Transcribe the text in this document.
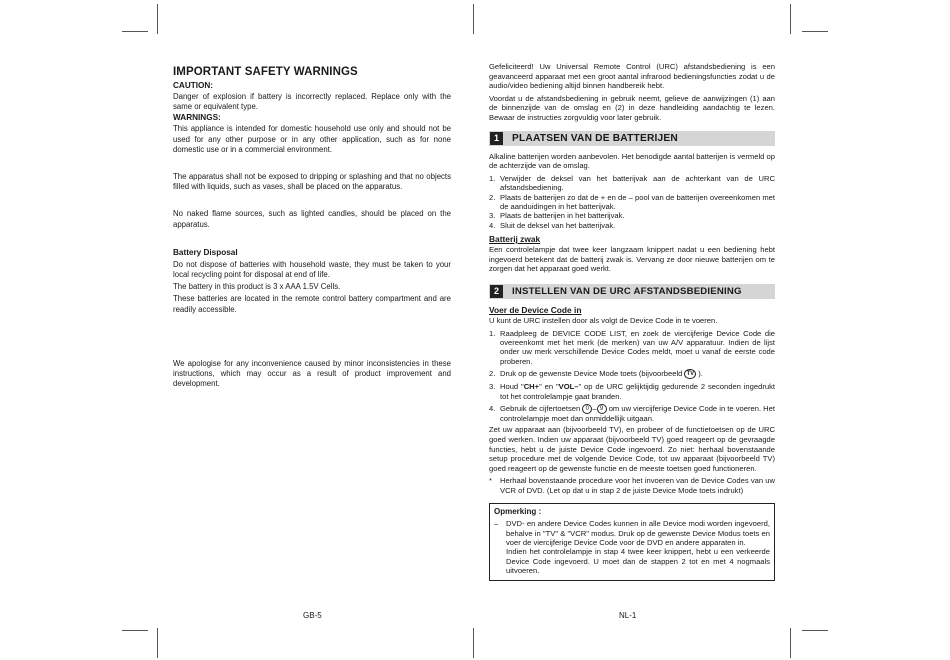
IMPORTANT SAFETY WARNINGS
CAUTION:

Danger of explosion if battery is incorrectly replaced. Replace only with the same or equivalent type.

WARNINGS:

This appliance is intended for domestic household use only and should not be used for any other purpose or in any other application, such as for none domestic use or in a commercial environment.

The apparatus shall not be exposed to dripping or splashing and that no objects filled with liquids, such as vases, shall be placed on the apparatus.

No naked flame sources, such as lighted candles, should be placed on the apparatus.

Battery Disposal

Do not dispose of batteries with household waste, they must be taken to your local recycling point for disposal at end of life.

The battery in this product is 3 x AAA 1.5V Cells.

These batteries are located in the remote control battery compartment and are readily accessible.

We apologise for any inconvenience caused by minor inconsistencies in these instructions, which may occur as a result of product improvement and development.

GB-5

Gefeliciteerd! Uw Universal Remote Control (URC) afstandsbediening is een geavanceerd apparaat met een groot aantal infrarood bedieningsfuncties zodat u de audio/video bediening altijd binnen handbereik hebt.

Voordat u de afstandsbediening in gebruik neemt, gelieve de aanwijzingen (1) aan de binnenzijde van de omslag en (2) in deze handleiding aandachtig te lezen. Bewaar de instructies zorgvuldig voor later gebruik.

1	PLAATSEN VAN DE BATTERIJEN

Alkaline batterijen worden aanbevolen. Het benodigde aantal batterijen is vermeld op de achterzijde van de omslag.

1. Verwijder de deksel van het batterijvak aan de achterkant van de URC afstandsbediening.
2. Plaats de batterijen zo dat de + en de – pool van de batterijen overeenkomen met de aanduidingen in het batterijvak.
3. Plaats de batterijen in het batterijvak.
4. Sluit de deksel van het batterijvak.
Batterij zwak

Een controlelampje dat twee keer langzaam knippert nadat u een bediening hebt ingevoerd betekent dat de batterij zwak is. Vervang ze door nieuwe batterijen om te zorgen dat het apparaat goed werkt.

2	INSTELLEN VAN DE URC AFSTANDSBEDIENING
Voer de Device Code in

U kunt de URC instellen door als volgt de Device Code in te voeren.

1. Raadpleeg de DEVICE CODE LIST, en zoek de viercijferige Device Code die overeenkomt met het merk (de merken) van uw A/V apparatuur. Indien de lijst onder uw merk verschillende Device Codes meldt, moet u vanaf de eerste code proberen.
2. Druk op de gewenste Device Mode toets (bijvoorbeeld TV ).
3. Houd "CH+" en "VOL–" op de URC gelijktijdig gedurende 2 seconden ingedrukt tot het controlelampje gaat branden.
4. Gebruik de cijfertoetsen 0 – 9 om uw viercijferige Device Code in te voeren. Het controlelampje moet dan onmiddellijk uitgaan.

Zet uw apparaat aan (bijvoorbeeld TV), en probeer of de functietoetsen op de URC goed werken. Indien uw apparaat (bijvoorbeeld TV) goed reageert op de gevraagde functies, hebt u de juiste Device Code ingevoerd. Zo niet: herhaal bovenstaande setup procedure met de volgende Device Code, tot uw apparaat (bijvoorbeeld TV) goed reageert op de gewenste functie en de meeste toetsen goed functioneren.

*	Herhaal bovenstaande procedure voor het invoeren van de Device Codes van uw VCR of DVD. (Let op dat u in stap 2 de juiste Device Mode toets indrukt)
Opmerking :
–	DVD- en andere Device Codes kunnen in alle Device modi worden ingevoerd, behalve in "TV" & "VCR" modus. Druk op de gewenste Device Modus toets en voer de viercijferige Device Code voor de DVD en andere apparaten in.
Indien het controlelampje in stap 4 twee keer knippert, hebt u een verkeerde Device Code ingevoerd. U moet dan de stappen 2 tot en met 4 nogmaals uitvoeren.
NL-1
